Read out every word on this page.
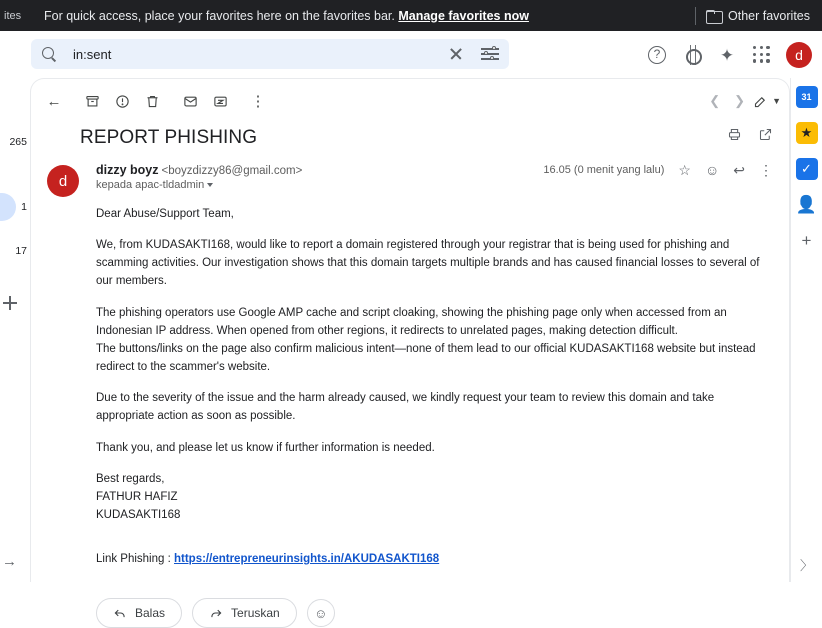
ites	For quick access, place your favorites here on the favorites bar. Manage favorites now	Other favorites
in:sent
?	✦	d
265
1
17
→
31
★
✓
👤
+
〉
←	⋮	❮	❯	▼
REPORT PHISHING
d
dizzy boyz <boyzdizzy86@gmail.com>	16.05 (0 menit yang lalu) ☆ ☺ ↩ ⋮
kepada apac-tldadmin

Dear Abuse/Support Team,

We, from KUDASAKTI168, would like to report a domain registered through your registrar that is being used for phishing and scamming activities. Our investigation shows that this domain targets multiple brands and has caused financial losses to several of our members.

The phishing operators use Google AMP cache and script cloaking, showing the phishing page only when accessed from an Indonesian IP address. When opened from other regions, it redirects to unrelated pages, making detection difficult.

The buttons/links on the page also confirm malicious intent—none of them lead to our official KUDASAKTI168 website but instead redirect to the scammer's website.

Due to the severity of the issue and the harm already caused, we kindly request your team to review this domain and take appropriate action as soon as possible.

Thank you, and please let us know if further information is needed.

Best regards,

FATHUR HAFIZ

KUDASAKTI168

Link Phishing : https://entrepreneurinsights.in/AKUDASAKTI168
Balas	Teruskan	☺
